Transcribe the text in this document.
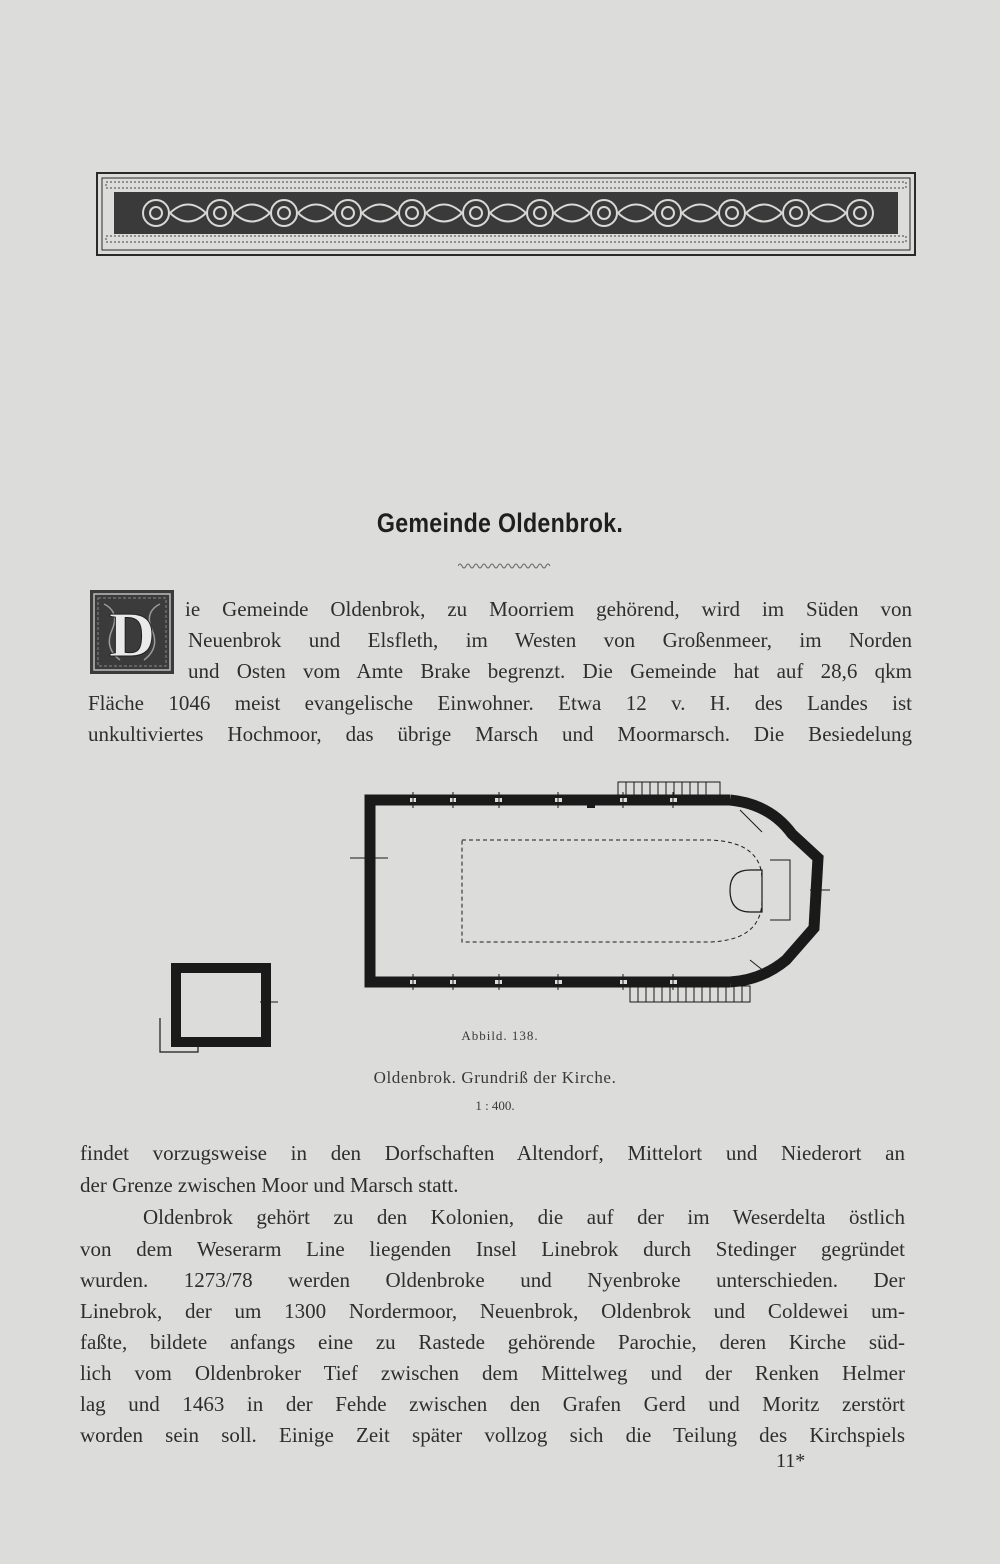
Gemeinde Oldenbrok.
D ie Gemeinde Oldenbrok, zu Moorriem gehörend, wird im Süden von
Neuenbrok und Elsfleth, im Westen von Großenmeer, im Norden
und Osten vom Amte Brake begrenzt. Die Gemeinde hat auf 28,6 qkm
Fläche 1046 meist evangelische Einwohner. Etwa 12 v. H. des Landes ist
unkultiviertes Hochmoor, das übrige Marsch und Moormarsch. Die Besiedelung
Abbild. 138.
Oldenbrok. Grundriß der Kirche.
1 : 400.
findet vorzugsweise in den Dorfschaften Altendorf, Mittelort und Niederort an
der Grenze zwischen Moor und Marsch statt.
Oldenbrok gehört zu den Kolonien, die auf der im Weserdelta östlich
von dem Weserarm Line liegenden Insel Linebrok durch Stedinger gegründet
wurden. 1273/78 werden Oldenbroke und Nyenbroke unterschieden. Der
Linebrok, der um 1300 Nordermoor, Neuenbrok, Oldenbrok und Coldewei um-
faßte, bildete anfangs eine zu Rastede gehörende Parochie, deren Kirche süd-
lich vom Oldenbroker Tief zwischen dem Mittelweg und der Renken Helmer
lag und 1463 in der Fehde zwischen den Grafen Gerd und Moritz zerstört
worden sein soll. Einige Zeit später vollzog sich die Teilung des Kirchspiels
11*
